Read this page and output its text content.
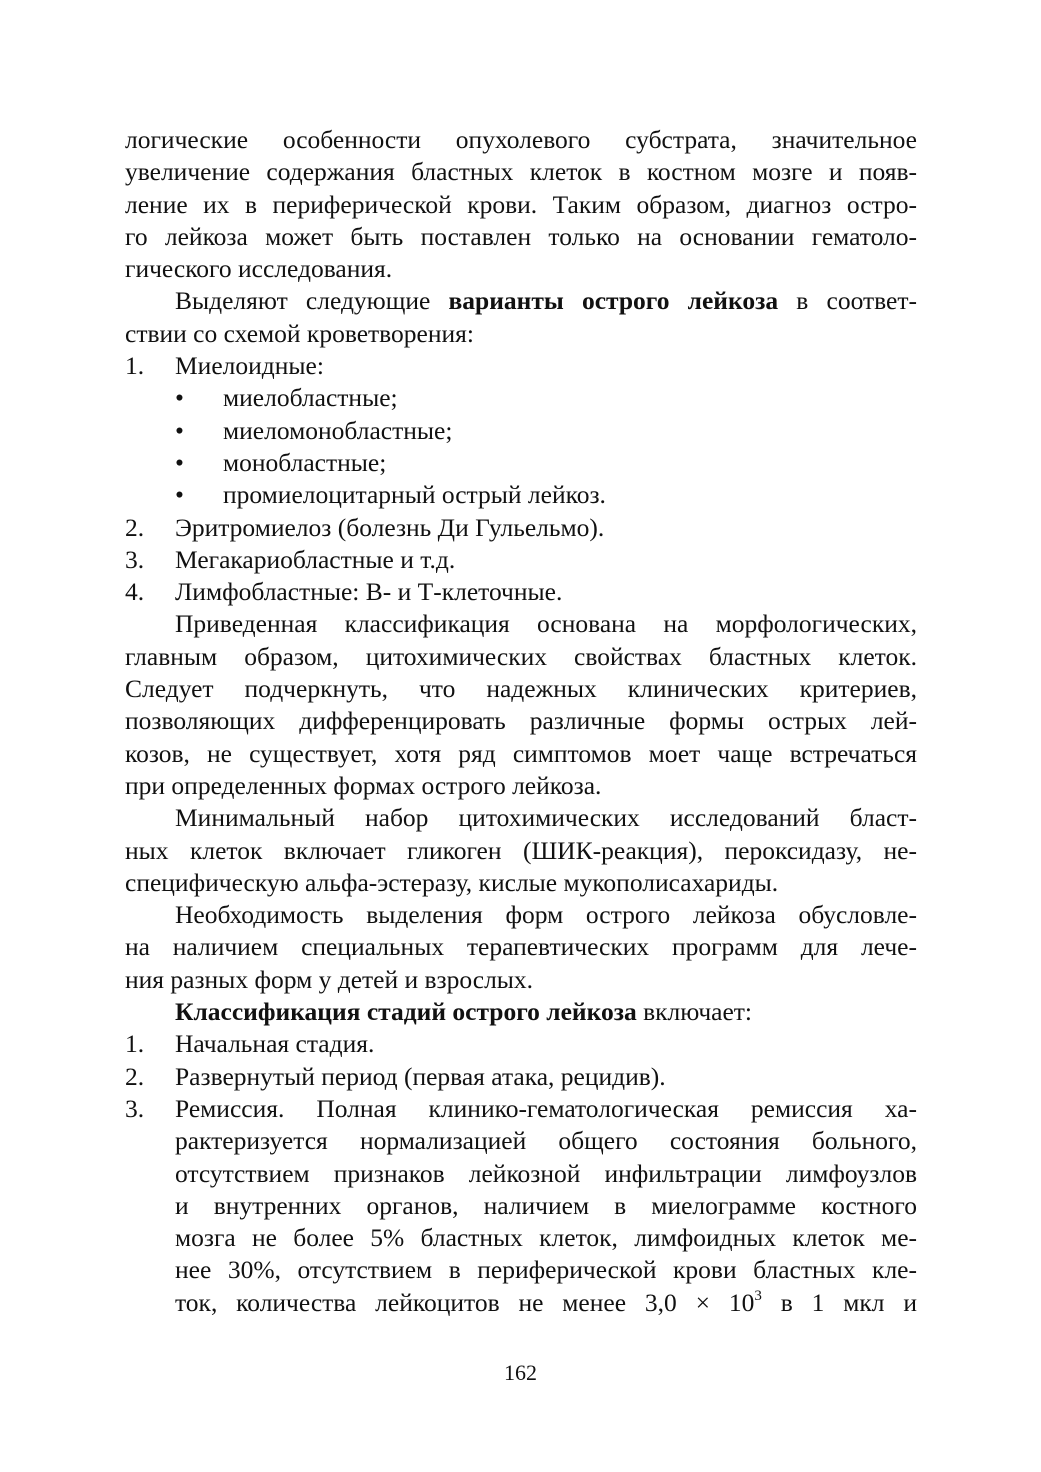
логические особенности опухолевого субстрата, значительное
увеличение содержания бластных клеток в костном мозге и появ-
ление их в периферической крови. Таким образом, диагноз остро-
го лейкоза может быть поставлен только на основании гематоло-
гического исследования.
Выделяют следующие варианты острого лейкоза в соответ-
ствии со схемой кроветворения:
1. Миелоидные:
• миелобластные;
• миеломонобластные;
• монобластные;
• промиелоцитарный острый лейкоз.
2. Эритромиелоз (болезнь Ди Гульельмо).
3. Мегакариобластные и т.д.
4. Лимфобластные: В- и Т-клеточные.
Приведенная классификация основана на морфологических,
главным образом, цитохимических свойствах бластных клеток.
Следует подчеркнуть, что надежных клинических критериев,
позволяющих дифференцировать различные формы острых лей-
козов, не существует, хотя ряд симптомов моет чаще встречаться
при определенных формах острого лейкоза.
Минимальный набор цитохимических исследований бласт-
ных клеток включает гликоген (ШИК-реакция), пероксидазу, не-
специфическую альфа-эстеразу, кислые мукополисахариды.
Необходимость выделения форм острого лейкоза обусловле-
на наличием специальных терапевтических программ для лече-
ния разных форм у детей и взрослых.
Классификация стадий острого лейкоза включает:
1. Начальная стадия.
2. Развернутый период (первая атака, рецидив).
3. Ремиссия. Полная клинико-гематологическая ремиссия ха-
рактеризуется нормализацией общего состояния больного,
отсутствием признаков лейкозной инфильтрации лимфоузлов
и внутренних органов, наличием в миелограмме костного
мозга не более 5% бластных клеток, лимфоидных клеток ме-
нее 30%, отсутствием в периферической крови бластных кле-
ток, количества лейкоцитов не менее $3,0 \times 10^3$ в 1 мкл и
162
